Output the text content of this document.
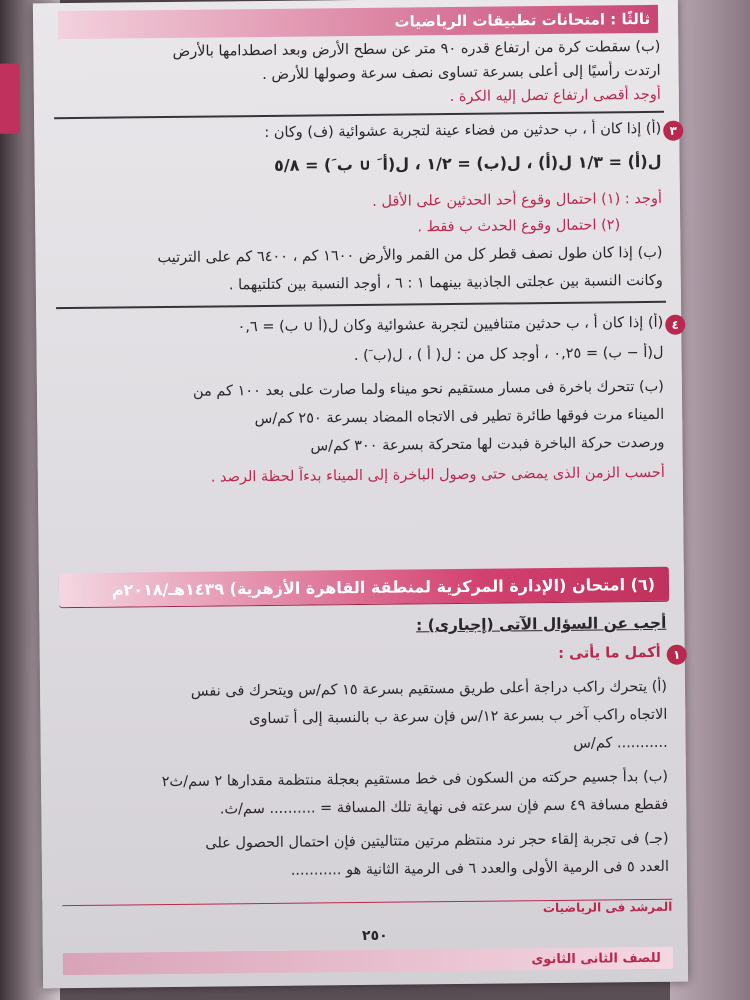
ثالثًا : امتحانات تطبيقات الرياضيات
(ب) سقطت كرة من ارتفاع قدره ٩٠ متر عن سطح الأرض وبعد اصطدامها بالأرض
ارتدت رأسيًا إلى أعلى بسرعة تساوى نصف سرعة وصولها للأرض .
أوجد أقصى ارتفاع تصل إليه الكرة .
٣
(أ) إذا كان أ ، ب حدثين من فضاء عينة لتجربة عشوائية (ف) وكان :
ل(أ) = ١/٣ ل(أ) ، ل(ب) = ١/٢ ، ل(أ َ ∪ ب َ) = ٥/٨
أوجد : (١) احتمال وقوع أحد الحدثين على الأقل .
(٢) احتمال وقوع الحدث ب فقط .
(ب) إذا كان طول نصف قطر كل من القمر والأرض ١٦٠٠ كم ، ٦٤٠٠ كم على الترتيب
وكانت النسبة بين عجلتى الجاذبية بينهما ١ : ٦ ، أوجد النسبة بين كتلتيهما .
٤
(أ) إذا كان أ ، ب حدثين متنافيين لتجربة عشوائية وكان ل(أ ∪ ب) = ٠,٦
ل(أ − ب) = ٠,٢٥ ، أوجد كل من : ل( أ ) ، ل(ب َ) .
(ب) تتحرك باخرة فى مسار مستقيم نحو ميناء ولما صارت على بعد ١٠٠ كم من
الميناء مرت فوقها طائرة تطير فى الاتجاه المضاد بسرعة ٢٥٠ كم/س
ورصدت حركة الباخرة فبدت لها متحركة بسرعة ٣٠٠ كم/س
أحسب الزمن الذى يمضى حتى وصول الباخرة إلى الميناء بدءاً لحظة الرصد .
(٦) امتحان (الإدارة المركزية لمنطقة القاهرة الأزهرية) ١٤٣٩هـ/٢٠١٨م
أجب عن السؤال الآتى (إجبارى) :
١
أكمل ما يأتى :
(أ) يتحرك راكب دراجة أعلى طريق مستقيم بسرعة ١٥ كم/س ويتحرك فى نفس
الاتجاه راكب آخر ب بسرعة ١٢/س فإن سرعة ب بالنسبة إلى أ تساوى
........... كم/س
(ب) بدأ جسيم حركته من السكون فى خط مستقيم بعجلة منتظمة مقدارها ٢ سم/ث٢
فقطع مسافة ٤٩ سم فإن سرعته فى نهاية تلك المسافة = .......... سم/ث.
(جـ) فى تجربة إلقاء حجر نرد منتظم مرتين متتاليتين فإن احتمال الحصول على
العدد ٥ فى الرمية الأولى والعدد ٦ فى الرمية الثانية هو ...........
المرشد فى الرياضيات
٢٥٠
للصف الثانى الثانوى
